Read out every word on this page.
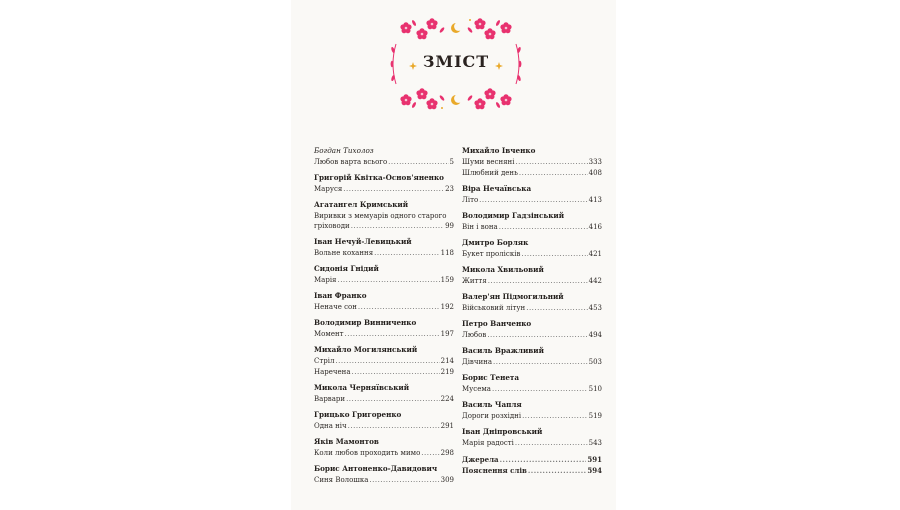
ЗМІСТ
Богдан Тихолоз
Любов варта всього .....	5
Григорій Квітка-Основ'яненко
Маруся .....	23
Агатангел Кримський
Виривки з мемуарів одного старого
гріховоди .....	99
Іван Нечуй-Левицький
Вольне кохання .....	118
Сидонія Гнідий
Марія .....	159
Іван Франко
Неначе сон .....	192
Володимир Винниченко
Момент .....	197
Михайло Могилянський
Стріл .....	214
Наречена .....	219
Микола Черняївський
Варвари .....	224
Грицько Григоренко
Одна ніч .....	291
Яків Мамонтов
Коли любов проходить мимо .....	298
Борис Антоненко-Давидович
Синя Волошка .....	309
Михайло Івченко
Шуми весняні .....	333
Шлюбний день .....	408
Віра Нечаївська
Літо .....	413
Володимир Гадзінський
Він і вона .....	416
Дмитро Борляк
Букет пролісків .....	421
Микола Хвильовий
Життя .....	442
Валер'ян Підмогильний
Військовий літун .....	453
Петро Ванченко
Любов .....	494
Василь Вражливий
Дівчина .....	503
Борис Тенета
Мусема .....	510
Василь Чапля
Дороги розхідні .....	519
Іван Дніпровський
Марія радості .....	543
Джерела .....	591
Пояснення слів .....	594
